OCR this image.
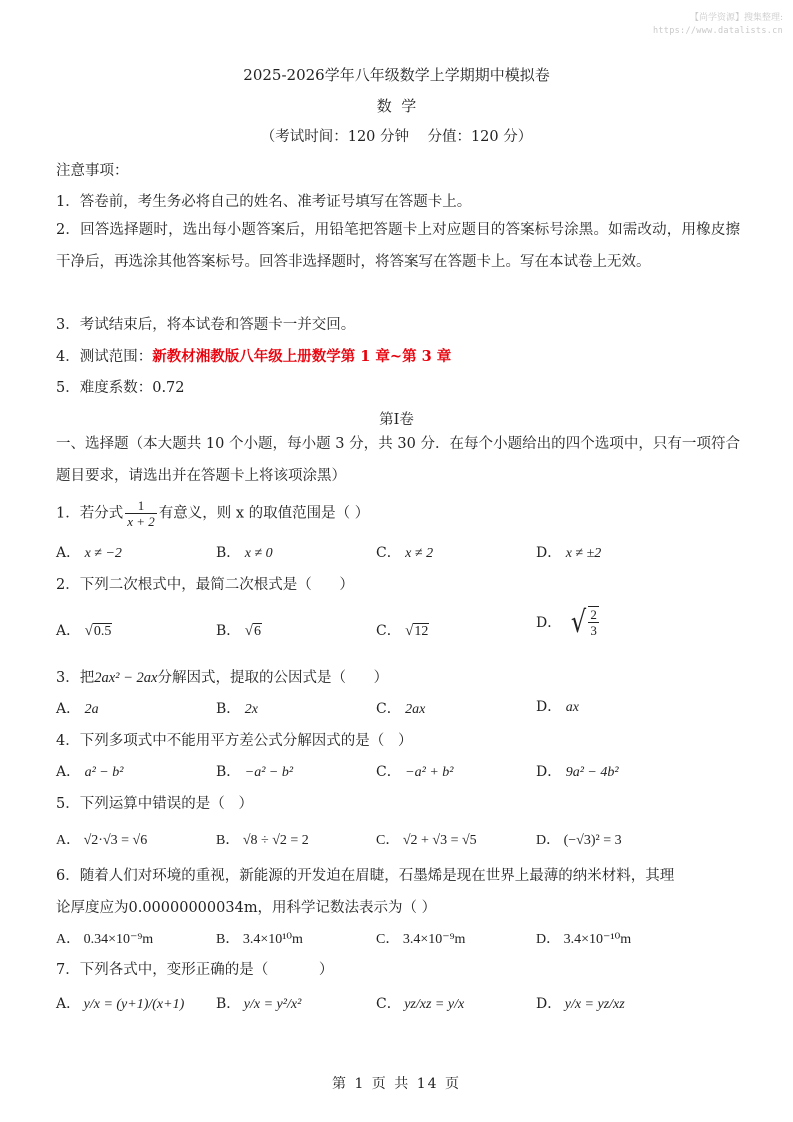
【尚学资源】搜集整理:
https://www.datalists.cn
2025-2026学年八年级数学上学期期中模拟卷
数  学
（考试时间：120 分钟    分值：120 分）
注意事项：
1．答卷前，考生务必将自己的姓名、准考证号填写在答题卡上。
2．回答选择题时，选出每小题答案后，用铅笔把答题卡上对应题目的答案标号涂黑。如需改动，用橡皮擦干净后，再选涂其他答案标号。回答非选择题时，将答案写在答题卡上。写在本试卷上无效。
3．考试结束后，将本试卷和答题卡一并交回。
4．测试范围：新教材湘教版八年级上册数学第 1 章~第 3 章
5．难度系数：0.72
第Ⅰ卷
一、选择题（本大题共 10 个小题，每小题 3 分，共 30 分．在每个小题给出的四个选项中，只有一项符合题目要求，请选出并在答题卡上将该项涂黑）
1．若分式 $\frac{1}{x + 2}$ 有意义，则 x 的取值范围是（ ）
A． x ≠ −2	B． x ≠ 0	C． x ≠ 2	D． x ≠ ±2
2．下列二次根式中，最简二次根式是（      ）
A． √0.5	B． √6	C． √12
D． √ $\frac{2}{3}$
3．把2ax² − 2ax分解因式，提取的公因式是（      ）
A． 2a	B． 2x	C． 2ax	D． ax
4．下列多项式中不能用平方差公式分解因式的是（   ）
A． a² − b²	B． −a² − b²	C． −a² + b²	D． 9a² − 4b²
5．下列运算中错误的是（   ）
A． √2·√3 = √6	B． √8 ÷ √2 = 2	C． √2 + √3 = √5	D． (−√3)² = 3
6．随着人们对环境的重视，新能源的开发迫在眉睫，石墨烯是现在世界上最薄的纳米材料，其理
论厚度应为0.00000000034m，用科学记数法表示为（ ）
A． 0.34×10⁻⁹m	B． 3.4×10¹⁰m	C． 3.4×10⁻⁹m	D． 3.4×10⁻¹⁰m
7．下列各式中，变形正确的是（           ）
A． y/x = (y+1)/(x+1) B． y/x = y²/x²	C． yz/xz = y/x	D． y/x = yz/xz
第 1 页 共 14 页
